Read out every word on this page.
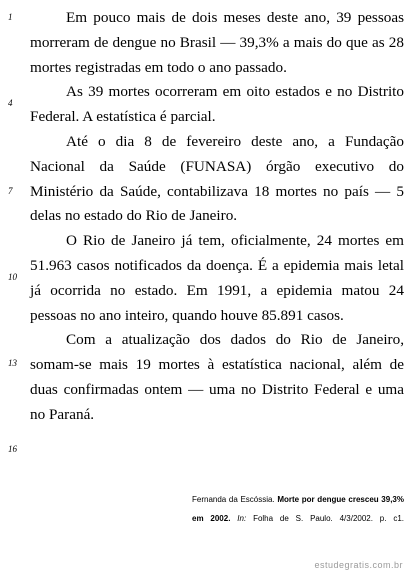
1
4
7
10
13
16

Em pouco mais de dois meses deste ano, 39 pessoas morreram de dengue no Brasil — 39,3% a mais do que as 28 mortes registradas em todo o ano passado.

As 39 mortes ocorreram em oito estados e no Distrito Federal. A estatística é parcial.

Até o dia 8 de fevereiro deste ano, a Fundação Nacional da Saúde (FUNASA) órgão executivo do Ministério da Saúde, contabilizava 18 mortes no país — 5 delas no estado do Rio de Janeiro.

O Rio de Janeiro já tem, oficialmente, 24 mortes em 51.963 casos notificados da doença. É a epidemia mais letal já ocorrida no estado. Em 1991, a epidemia matou 24 pessoas no ano inteiro, quando houve 85.891 casos.

Com a atualização dos dados do Rio de Janeiro, somam-se mais 19 mortes à estatística nacional, além de duas confirmadas ontem — uma no Distrito Federal e uma no Paraná.

Fernanda da Escóssia. Morte por dengue cresceu 39,3% em 2002. In: Folha de S. Paulo. 4/3/2002. p. c1.
estudegratis.com.br
